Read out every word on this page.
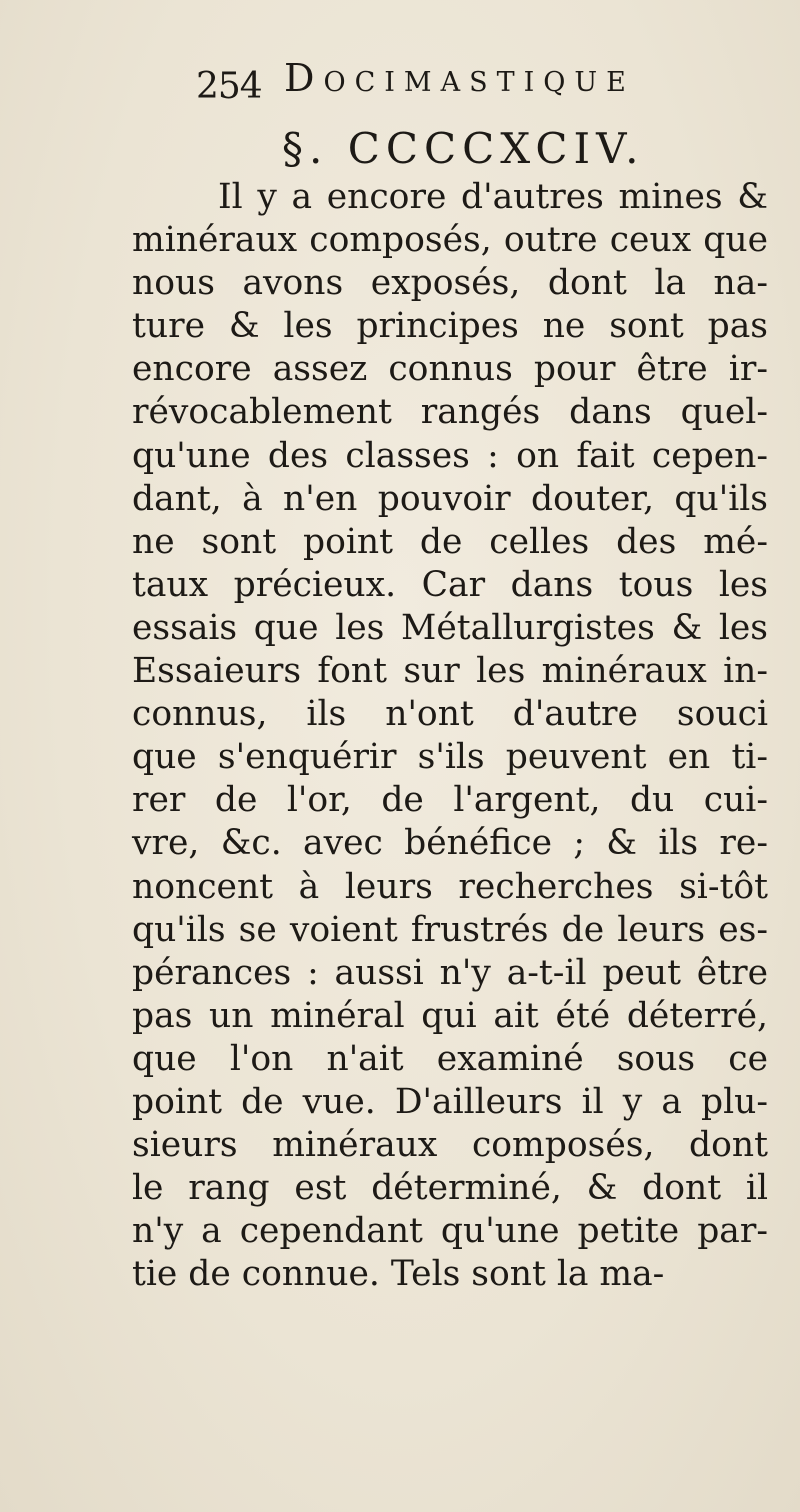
254 Docimastique
§. CCCCXCIV.
Il y a encore d'autres mines &
minéraux composés, outre ceux que
nous avons exposés, dont la na-
ture & les principes ne sont pas
encore assez connus pour être ir-
révocablement rangés dans quel-
qu'une des classes : on fait cepen-
dant, à n'en pouvoir douter, qu'ils
ne sont point de celles des mé-
taux précieux. Car dans tous les
essais que les Métallurgistes & les
Essaieurs font sur les minéraux in-
connus, ils n'ont d'autre souci
que s'enquérir s'ils peuvent en ti-
rer de l'or, de l'argent, du cui-
vre, &c. avec bénéfice ; & ils re-
noncent à leurs recherches si-tôt
qu'ils se voient frustrés de leurs es-
pérances : aussi n'y a-t-il peut être
pas un minéral qui ait été déterré,
que l'on n'ait examiné sous ce
point de vue. D'ailleurs il y a plu-
sieurs minéraux composés, dont
le rang est déterminé, & dont il
n'y a cependant qu'une petite par-
tie de connue. Tels sont la ma-
